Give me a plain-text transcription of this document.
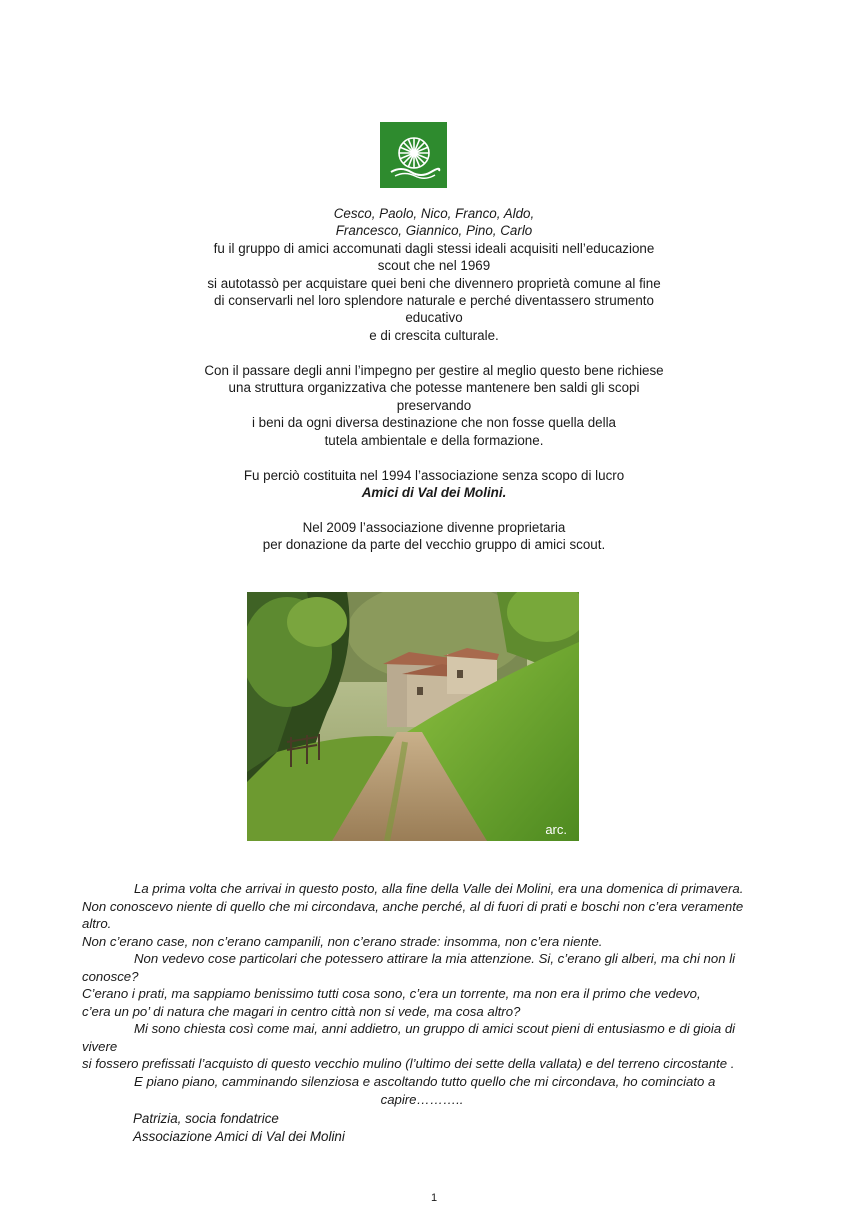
Cesco, Paolo, Nico, Franco, Aldo,

Francesco, Giannico, Pino, Carlo

fu il gruppo di amici accomunati dagli stessi ideali acquisiti nell’educazione

scout che nel 1969

si autotassò per acquistare quei beni che divennero proprietà comune al fine

di conservarli nel loro splendore naturale e perché diventassero strumento

educativo

e di crescita culturale.

Con il passare degli anni l’impegno per gestire al meglio questo bene richiese

una struttura organizzativa che potesse mantenere ben saldi gli scopi

preservando

i beni da ogni diversa destinazione che non fosse quella della

tutela ambientale e della formazione.

Fu perciò costituita nel 1994 l’associazione senza scopo di lucro

Amici di Val dei Molini.

Nel 2009 l’associazione divenne proprietaria

per donazione da parte del vecchio gruppo di amici scout.

arc.

La prima volta che arrivai in questo posto, alla fine della Valle dei Molini, era una domenica di primavera.

Non conoscevo niente di quello che mi circondava, anche perché, al di fuori di prati e boschi non c’era veramente altro.

Non c’erano case, non c’erano campanili, non c’erano strade: insomma, non c’era niente.

Non vedevo cose particolari che potessero attirare la mia attenzione. Si, c’erano gli alberi, ma chi non li conosce?

C’erano i prati, ma sappiamo benissimo tutti cosa sono, c’era un torrente, ma non era il primo che vedevo,

c’era un po’ di natura che magari in centro città non si vede, ma cosa altro?

Mi sono chiesta così come mai, anni addietro, un gruppo di amici scout pieni di entusiasmo e di gioia di vivere

si fossero prefissati l’acquisto di questo vecchio mulino (l’ultimo dei sette della vallata) e del terreno circostante .

E piano piano, camminando silenziosa e ascoltando tutto quello che mi circondava, ho cominciato a

capire………..

Patrizia, socia fondatrice
Associazione Amici di Val dei Molini
1
